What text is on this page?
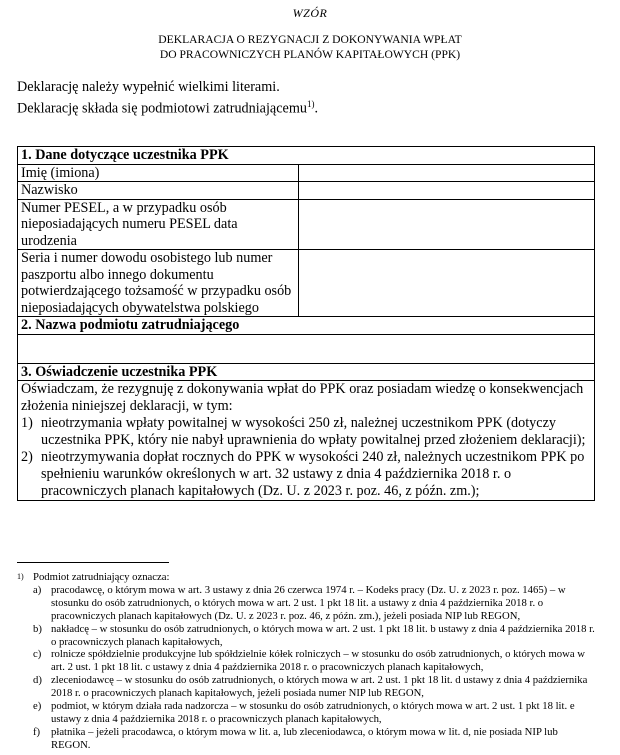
WZÓR
DEKLARACJA O REZYGNACJI Z DOKONYWANIA WPŁAT
DO PRACOWNICZYCH PLANÓW KAPITAŁOWYCH (PPK)
Deklarację należy wypełnić wielkimi literami.
Deklarację składa się podmiotowi zatrudniającemu$^{1)}$.
1. Dane dotyczące uczestnika PPK	
Imię (imiona)	
Nazwisko	
Numer PESEL, a w przypadku osób nieposiadających numeru PESEL data urodzenia	
Seria i numer dowodu osobistego lub numer paszportu albo innego dokumentu potwierdzającego tożsamość w przypadku osób nieposiadających obywatelstwa polskiego	
2. Nazwa podmiotu zatrudniającego	

3. Oświadczenie uczestnika PPK	

Oświadczam, że rezygnuję z dokonywania wpłat do PPK oraz posiadam wiedzę o konsekwencjach złożenia niniejszej deklaracji, w tym:
1) nieotrzymania wpłaty powitalnej w wysokości 250 zł, należnej uczestnikom PPK (dotyczy uczestnika PPK, który nie nabył uprawnienia do wpłaty powitalnej przed złożeniem deklaracji);
2) nieotrzymywania dopłat rocznych do PPK w wysokości 240 zł, należnych uczestnikom PPK po spełnieniu warunków określonych w art. 32 ustawy z dnia 4 października 2018 r. o pracowniczych planach kapitałowych (Dz. U. z 2023 r. poz. 46, z późn. zm.);	
1) Podmiot zatrudniający oznacza:
a) pracodawcę, o którym mowa w art. 3 ustawy z dnia 26 czerwca 1974 r. – Kodeks pracy (Dz. U. z 2023 r. poz. 1465) – w stosunku do osób zatrudnionych, o których mowa w art. 2 ust. 1 pkt 18 lit. a ustawy z dnia 4 października 2018 r. o pracowniczych planach kapitałowych (Dz. U. z 2023 r. poz. 46, z późn. zm.), jeżeli posiada NIP lub REGON,
b) nakładcę – w stosunku do osób zatrudnionych, o których mowa w art. 2 ust. 1 pkt 18 lit. b ustawy z dnia 4 października 2018 r. o pracowniczych planach kapitałowych,
c) rolnicze spółdzielnie produkcyjne lub spółdzielnie kółek rolniczych – w stosunku do osób zatrudnionych, o których mowa w art. 2 ust. 1 pkt 18 lit. c ustawy z dnia 4 października 2018 r. o pracowniczych planach kapitałowych,
d) zleceniodawcę – w stosunku do osób zatrudnionych, o których mowa w art. 2 ust. 1 pkt 18 lit. d ustawy z dnia 4 października 2018 r. o pracowniczych planach kapitałowych, jeżeli posiada numer NIP lub REGON,
e) podmiot, w którym działa rada nadzorcza – w stosunku do osób zatrudnionych, o których mowa w art. 2 ust. 1 pkt 18 lit. e ustawy z dnia 4 października 2018 r. o pracowniczych planach kapitałowych,
f)	płatnika – jeżeli pracodawca, o którym mowa w lit. a, lub zleceniodawca, o którym mowa w lit. d, nie posiada NIP lub REGON.
